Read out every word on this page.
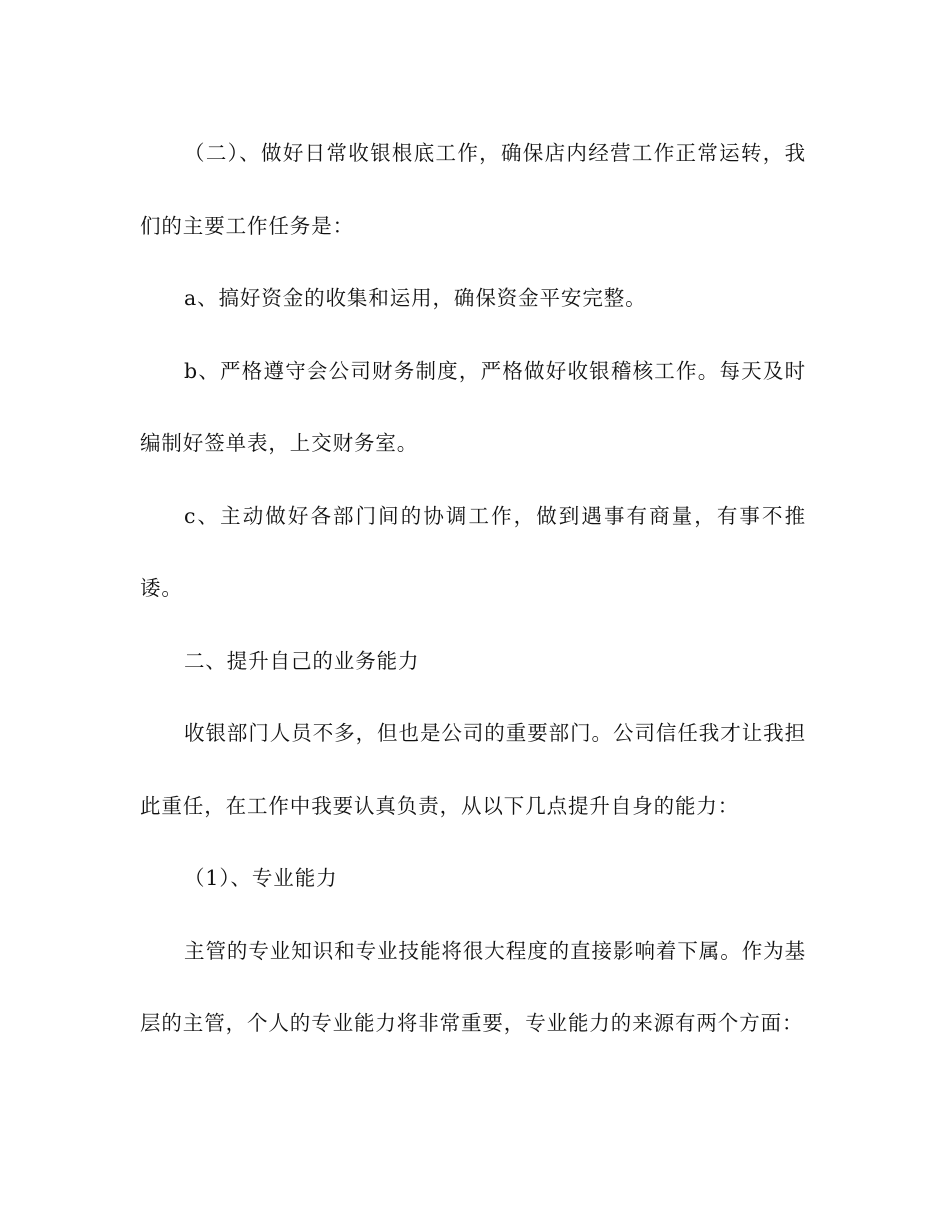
（二）、做好日常收银根底工作，确保店内经营工作正常运转，我们的主要工作任务是：

a、搞好资金的收集和运用，确保资金平安完整。

b、严格遵守会公司财务制度，严格做好收银稽核工作。每天及时编制好签单表，上交财务室。

c、主动做好各部门间的协调工作，做到遇事有商量，有事不推诿。

二、提升自己的业务能力

收银部门人员不多，但也是公司的重要部门。公司信任我才让我担此重任，在工作中我要认真负责，从以下几点提升自身的能力：

（1）、专业能力

主管的专业知识和专业技能将很大程度的直接影响着下属。作为基层的主管，个人的专业能力将非常重要，专业能力的来源有两个方面：
